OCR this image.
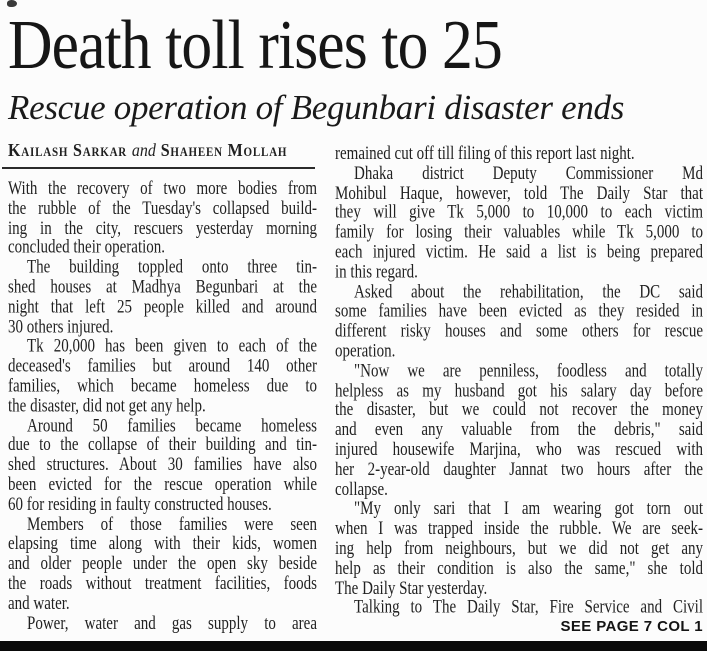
Death toll rises to 25
Rescue operation of Begunbari disaster ends
Kailash Sarkar and Shaheen Mollah
With the recovery of two more bodies from
the rubble of the Tuesday's collapsed build-
ing in the city, rescuers yesterday morning
concluded their operation.
The building toppled onto three tin-
shed houses at Madhya Begunbari at the
night that left 25 people killed and around
30 others injured.
Tk 20,000 has been given to each of the
deceased's families but around 140 other
families, which became homeless due to
the disaster, did not get any help.
Around 50 families became homeless
due to the collapse of their building and tin-
shed structures. About 30 families have also
been evicted for the rescue operation while
60 for residing in faulty constructed houses.
Members of those families were seen
elapsing time along with their kids, women
and older people under the open sky beside
the roads without treatment facilities, foods
and water.
Power, water and gas supply to area
remained cut off till filing of this report last night.
Dhaka district Deputy Commissioner Md
Mohibul Haque, however, told The Daily Star that
they will give Tk 5,000 to 10,000 to each victim
family for losing their valuables while Tk 5,000 to
each injured victim. He said a list is being prepared
in this regard.
Asked about the rehabilitation, the DC said
some families have been evicted as they resided in
different risky houses and some others for rescue
operation.
"Now we are penniless, foodless and totally
helpless as my husband got his salary day before
the disaster, but we could not recover the money
and even any valuable from the debris," said
injured housewife Marjina, who was rescued with
her 2-year-old daughter Jannat two hours after the
collapse.
"My only sari that I am wearing got torn out
when I was trapped inside the rubble. We are seek-
ing help from neighbours, but we did not get any
help as their condition is also the same," she told
The Daily Star yesterday.
Talking to The Daily Star, Fire Service and Civil
SEE PAGE 7 COL 1
